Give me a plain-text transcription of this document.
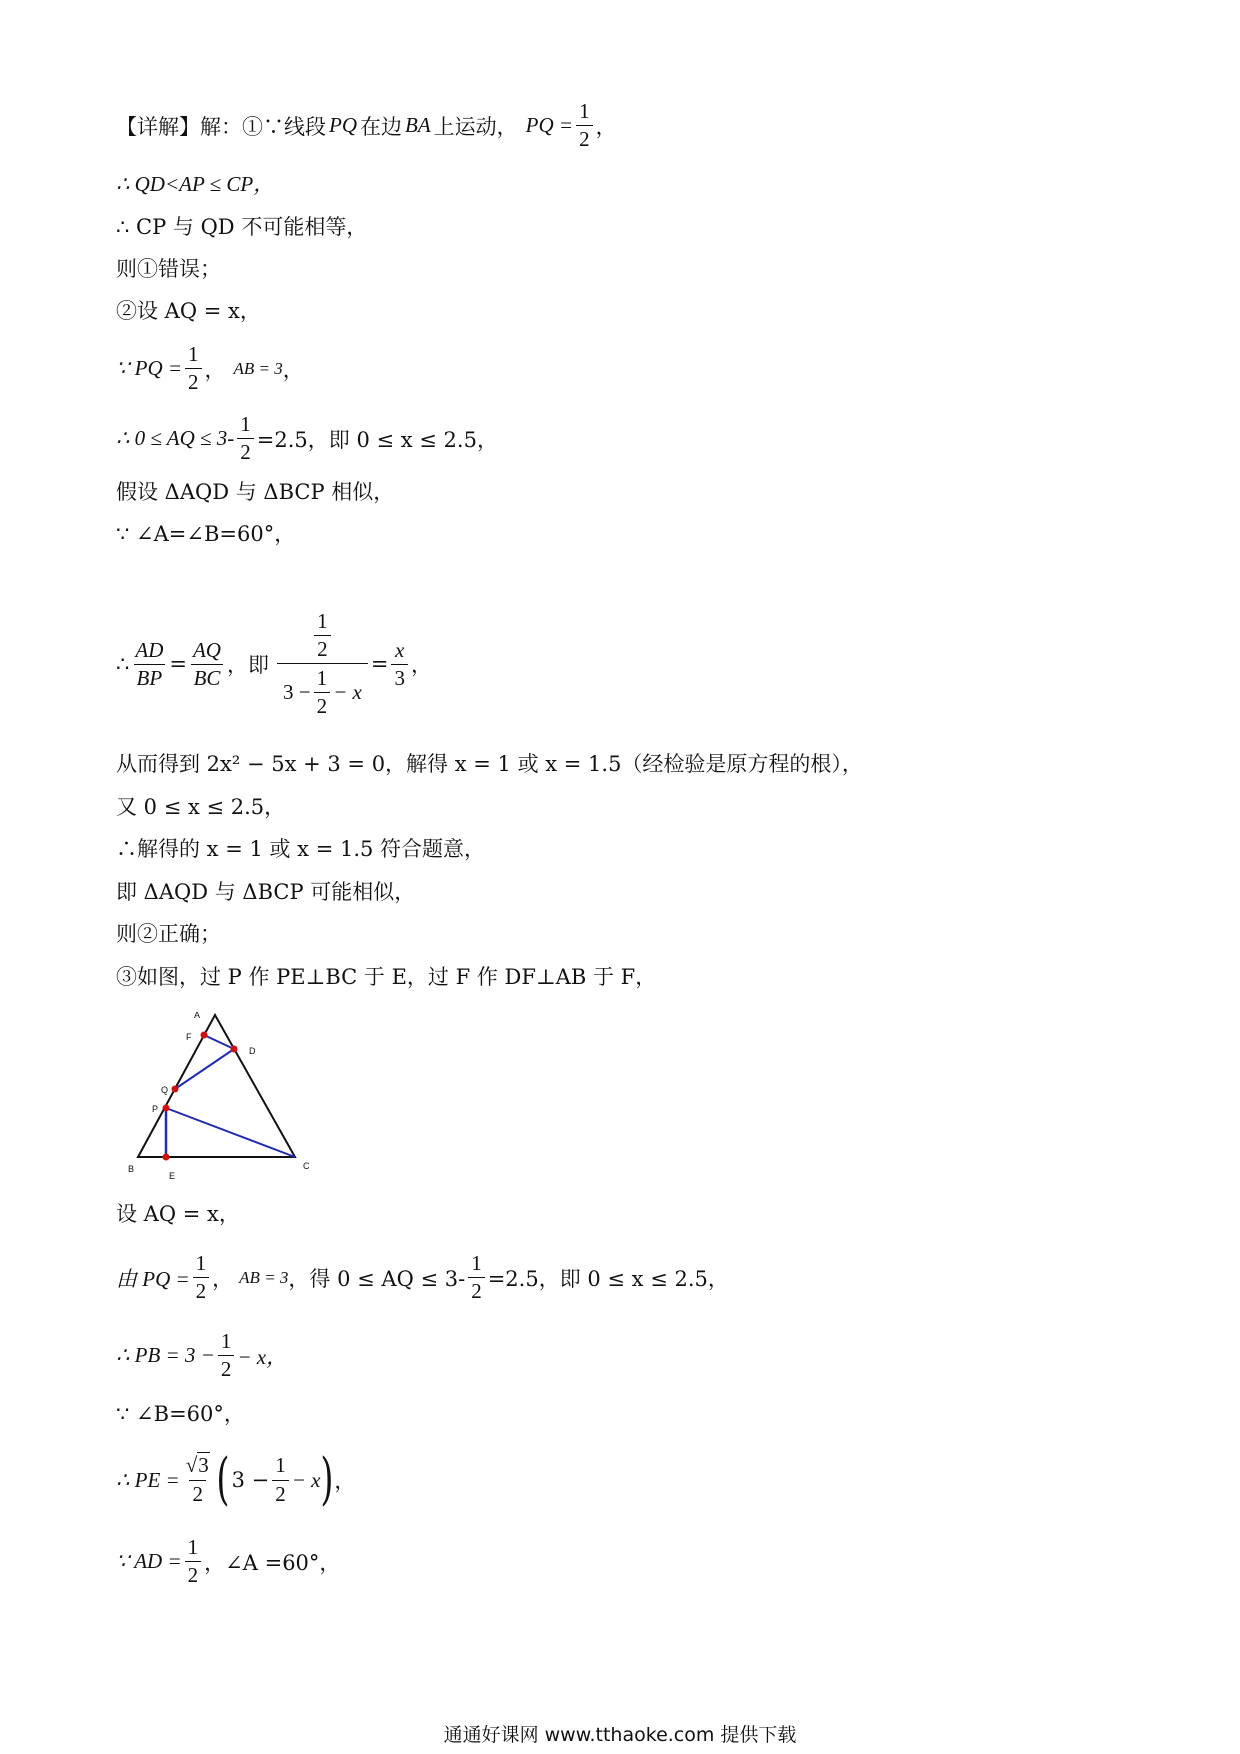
【详解】 解：①∵线段 PQ 在边 BA 上运动， PQ = $\frac{1}{2}$ ，
∴ QD<AP ≤ CP，
∴ CP 与 QD 不可能相等，
则①错误；
②设 AQ = x，
∵ PQ = $\frac{1}{2}$ ， AB = 3 ，
∴ 0 ≤ AQ ≤ $3- \frac{1}{2} =2.5$，即 0 ≤ x ≤ 2.5，
假设 ΔAQD 与 ΔBCP 相似，
∵ ∠A=∠B=60°，
∴ $\frac{AD}{BP} = \frac{AQ}{BC}$ ，即 $\frac{\frac{1}{2}}{3 - \frac{1}{2} - x} = \frac{x}{3}$ ，
从而得到 2x² − 5x + 3 = 0，解得 x = 1 或 x = 1.5（经检验是原方程的根），
又 0 ≤ x ≤ 2.5，
∴解得的 x = 1 或 x = 1.5 符合题意，
即 ΔAQD 与 ΔBCP 可能相似，
则②正确；
③如图，过 P 作 PE⊥BC 于 E，过 F 作 DF⊥AB 于 F，
A
F
D
Q
P
B
E
C
设 AQ = x，
由 PQ = $\frac{1}{2}$ ， AB = 3 ，得 0 ≤ AQ ≤ $3- \frac{1}{2} =2.5$，即 0 ≤ x ≤ 2.5，
∴ PB = $3 - \frac{1}{2} - x$，
∵ ∠B=60°，
∴ PE = $\frac{√3}{2}$ ( $3 - \frac{1}{2} - x$ ) ，
∵ AD = $\frac{1}{2}$ ，∠A =60°，
通通好课网 www.tthaoke.com 提供下载
